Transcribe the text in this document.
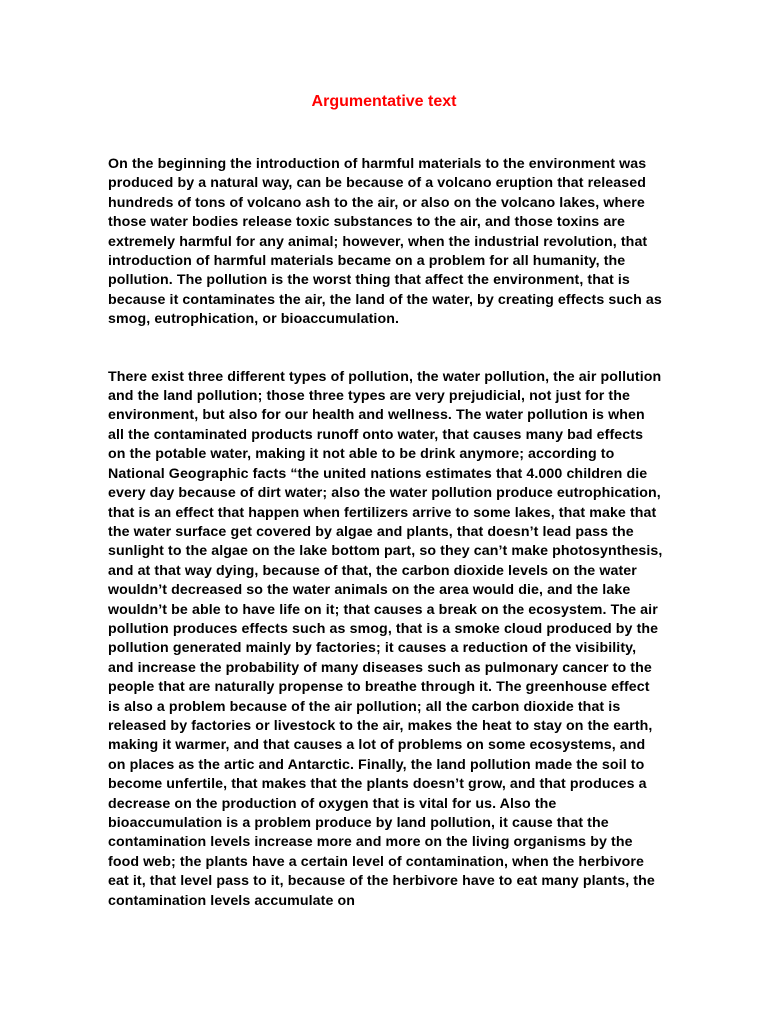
Argumentative text

On the beginning the introduction of harmful materials to the environment was produced by a natural way, can be because of a volcano eruption that released hundreds of tons of volcano ash to the air, or also on the volcano lakes, where those water bodies release toxic substances to the air, and those toxins are extremely harmful for any animal; however, when the industrial revolution, that introduction of harmful materials became on a problem for all humanity, the pollution. The pollution is the worst thing that affect the environment, that is because it contaminates the air, the land of the water, by creating effects such as smog, eutrophication, or bioaccumulation.

There exist three different types of pollution, the water pollution, the air pollution and the land pollution; those three types are very prejudicial, not just for the environment, but also for our health and wellness. The water pollution is when all the contaminated products runoff onto water, that causes many bad effects on the potable water, making it not able to be drink anymore; according to National Geographic facts “the united nations estimates that 4.000 children die every day because of dirt water; also the water pollution produce eutrophication, that is an effect that happen when fertilizers arrive to some lakes, that make that the water surface get covered by algae and plants, that doesn’t lead pass the sunlight to the algae on the lake bottom part, so they can’t make photosynthesis, and at that way dying, because of that, the carbon dioxide levels on the water wouldn’t decreased so the water animals on the area would die, and the lake wouldn’t be able to have life on it; that causes a break on the ecosystem. The air pollution produces effects such as smog, that is a smoke cloud produced by the pollution generated mainly by factories; it causes a reduction of the visibility, and increase the probability of many diseases such as pulmonary cancer to the people that are naturally propense to breathe through it. The greenhouse effect is also a problem because of the air pollution; all the carbon dioxide that is released by factories or livestock to the air, makes the heat to stay on the earth, making it warmer, and that causes a lot of problems on some ecosystems, and on places as the artic and Antarctic. Finally, the land pollution made the soil to become unfertile, that makes that the plants doesn’t grow, and that produces a decrease on the production of oxygen that is vital for us. Also the bioaccumulation is a problem produce by land pollution, it cause that the contamination levels increase more and more on the living organisms by the food web; the plants have a certain level of contamination, when the herbivore eat it, that level pass to it, because of the herbivore have to eat many plants, the contamination levels accumulate on
